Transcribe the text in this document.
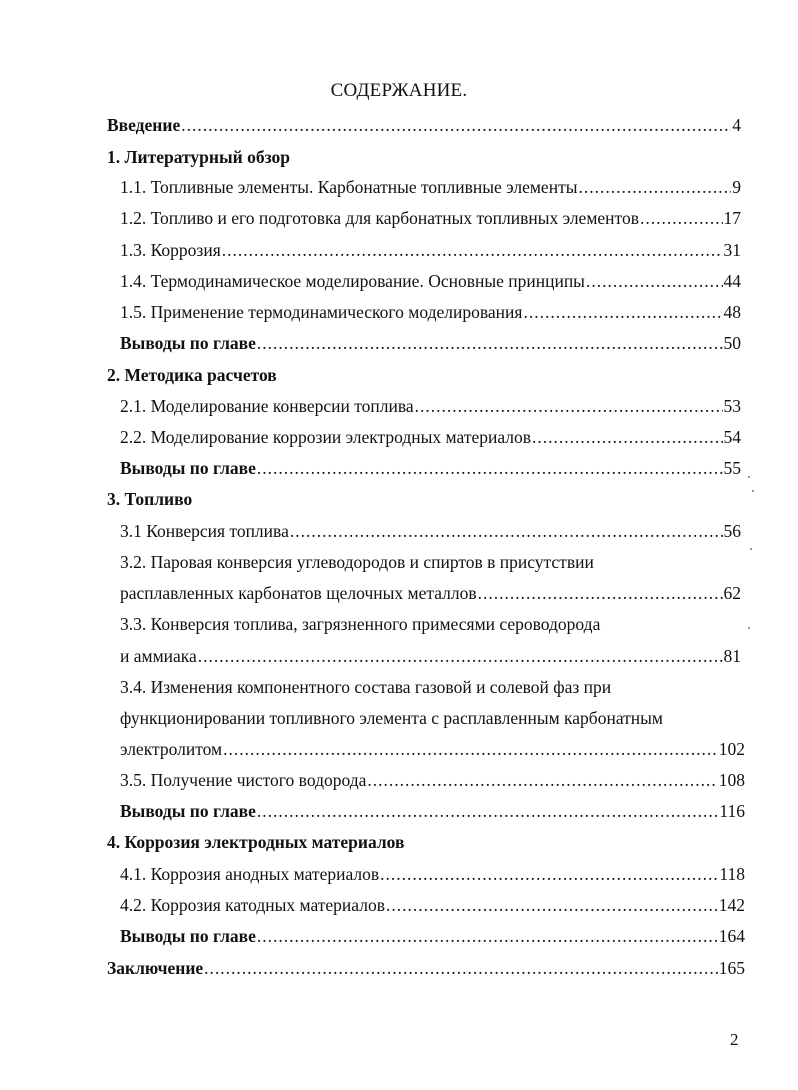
СОДЕРЖАНИЕ.
Введение .....	4
1. Литературный обзор
1.1. Топливные элементы. Карбонатные топливные элементы .....	9
1.2. Топливо и его подготовка для карбонатных топливных элементов .....	17
1.3. Коррозия .....	31
1.4. Термодинамическое моделирование. Основные принципы .....	44
1.5. Применение термодинамического моделирования .....	48
Выводы по главе .....	50
2. Методика расчетов
2.1. Моделирование конверсии топлива .....	53
2.2. Моделирование коррозии электродных материалов .....	54
Выводы по главе .....	55
3. Топливо
3.1 Конверсия топлива .....	56
3.2. Паровая конверсия углеводородов и спиртов в присутствии
расплавленных карбонатов щелочных металлов .....	62
3.3. Конверсия топлива, загрязненного примесями сероводорода
и аммиака .....	81
3.4. Изменения компонентного состава газовой и солевой фаз при
функционировании топливного элемента с расплавленным карбонатным
электролитом .....	102
3.5. Получение чистого водорода .....	108
Выводы по главе .....	116
4. Коррозия электродных материалов
4.1. Коррозия анодных материалов .....	118
4.2. Коррозия катодных материалов .....	142
Выводы по главе .....	164
Заключение .....	165
2
